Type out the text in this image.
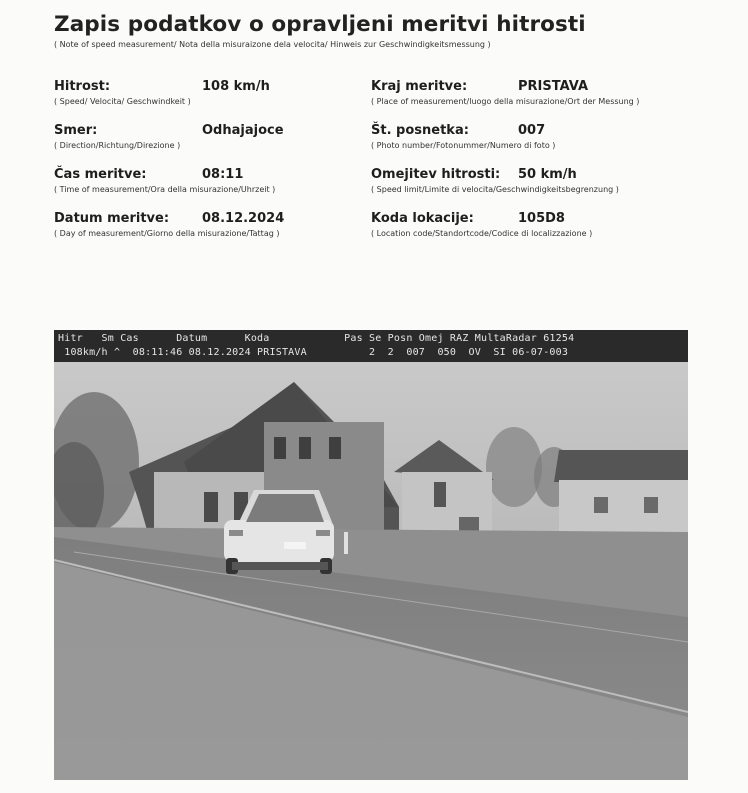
Zapis podatkov o opravljeni meritvi hitrosti
( Note of speed measurement/ Nota della misuraizone dela velocita/ Hinweis zur Geschwindigkeitsmessung )
Hitrost:	108 km/h
( Speed/ Velocita/ Geschwindkeit )
Smer:	Odhajajoce
( Direction/Richtung/Direzione )
Čas meritve:	08:11
( Time of measurement/Ora della misurazione/Uhrzeit )
Datum meritve:	08.12.2024
( Day of measurement/Giorno della misurazione/Tattag )
Kraj meritve:	PRISTAVA
( Place of measurement/luogo della misurazione/Ort der Messung )
Št. posnetka:	007
( Photo number/Fotonummer/Numero di foto )
Omejitev hitrosti: 50 km/h
( Speed limit/Limite di velocita/Geschwindigkeitsbegrenzung )
Koda lokacije:	105D8
( Location code/Standortcode/Codice di localizzazione )
Hitr   Sm Cas      Datum      Koda            Pas Se Posn Omej RAZ MultaRadar 61254
108km/h ^  08:11:46 08.12.2024 PRISTAVA          2  2  007  050  OV  SI 06-07-003
